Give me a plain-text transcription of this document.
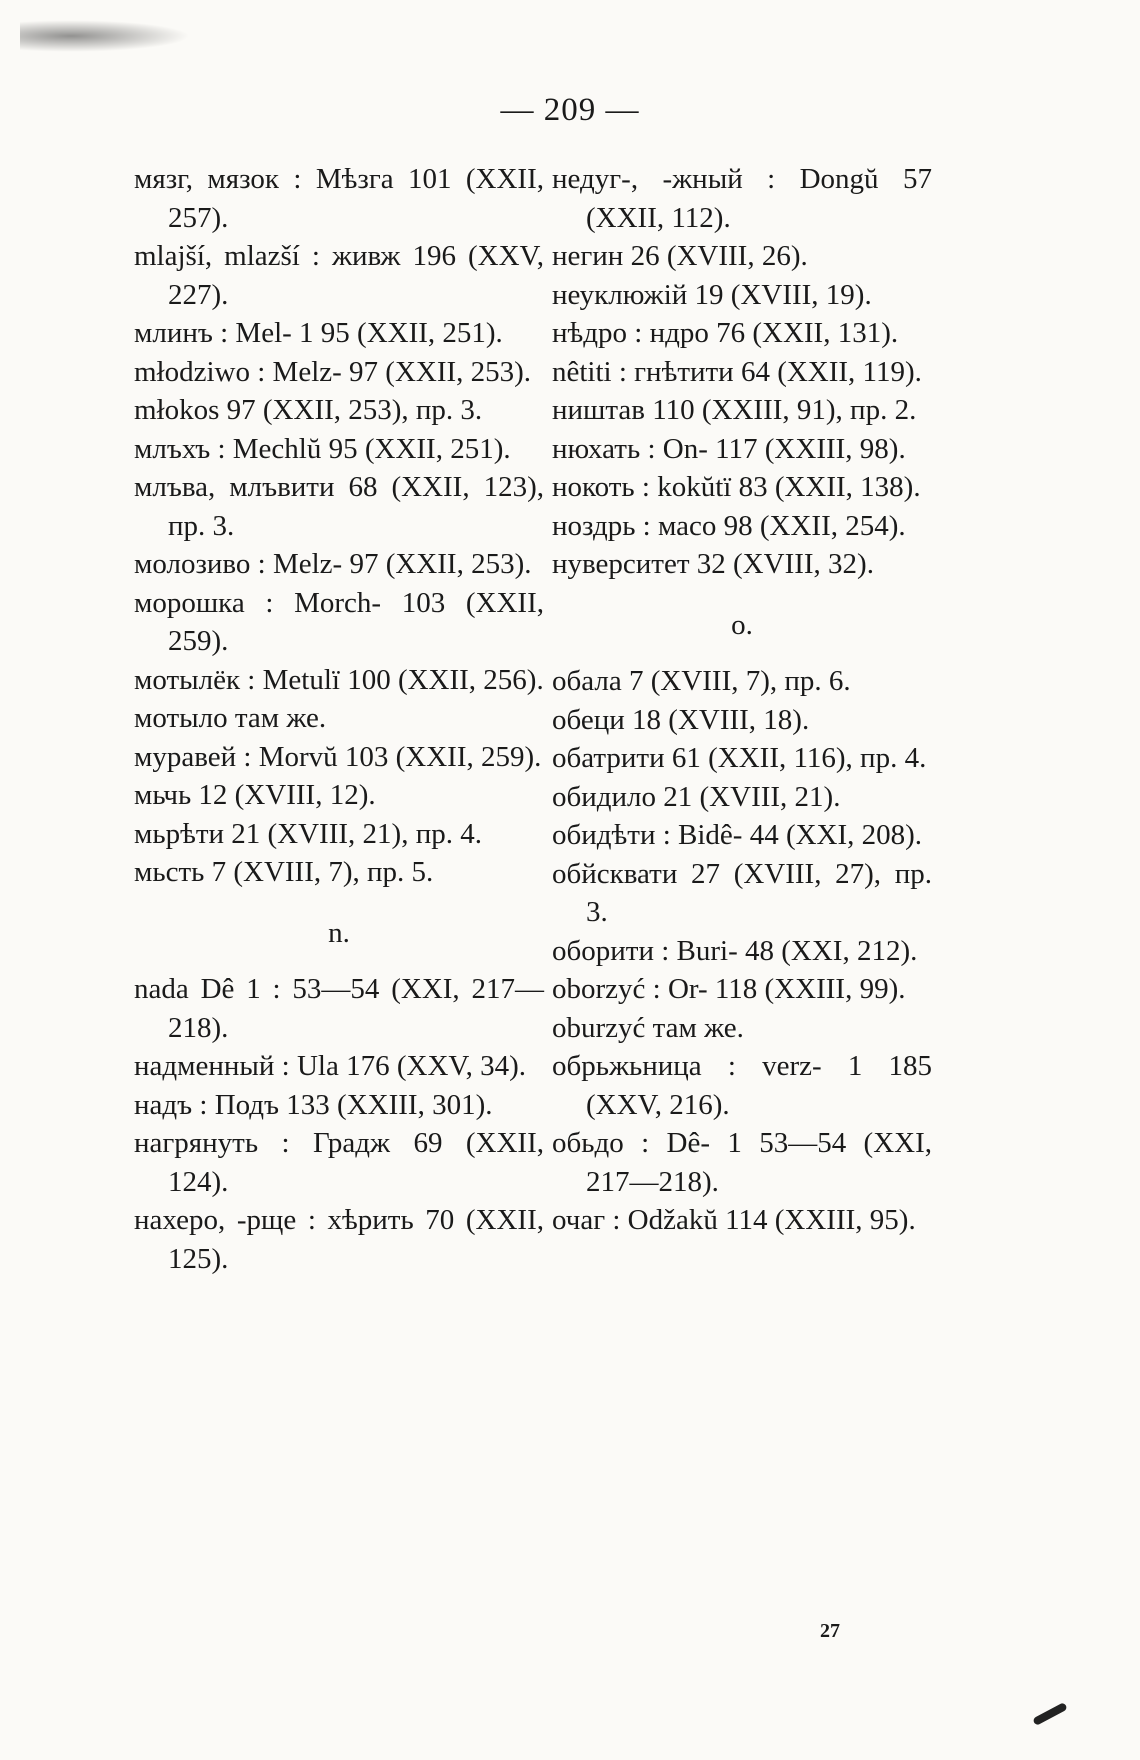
— 209 —
мязг, мязок : Мѣзга 101 (XXII, 257).
mlajší, mlazší : живж 196 (XXV, 227).
млинъ : Mel- 1 95 (XXII, 251).
młodziwo : Melz- 97 (XXII, 253).
młokos 97 (XXII, 253), пр. 3.
млъхъ : Mechlŭ 95 (XXII, 251).
млъва, млъвити 68 (XXII, 123), пр. 3.
молозиво : Melz- 97 (XXII, 253).
морошка : Morch- 103 (XXII, 259).
мотылёк : Metulї 100 (XXII, 256).
мотыло там же.
муравей : Morvŭ 103 (XXII, 259).
мьчь 12 (XVIII, 12).
мьрѣти 21 (XVIII, 21), пр. 4.
мьсть 7 (XVIII, 7), пр. 5.
n.
nada Dê 1 : 53—54 (XXI, 217—218).
надменный : Ula 176 (XXV, 34).
надъ : Подъ 133 (XXIII, 301).
нагрянуть : Градж 69 (XXII, 124).
нахеро, -рще : хѣрить 70 (XXII, 125).
недуг-, -жный : Dongŭ 57 (XXII, 112).
негин 26 (XVIII, 26).
неуклюжій 19 (XVIII, 19).
нѣдро : ндро 76 (XXII, 131).
nêtiti : гнѣтити 64 (XXII, 119).
ништав 110 (XXIII, 91), пр. 2.
нюхать : On- 117 (XXIII, 98).
нокоть : kokŭtї 83 (XXII, 138).
ноздрь : масо 98 (XXII, 254).
нуверситет 32 (XVIII, 32).
o.
обала 7 (XVIII, 7), пр. 6.
обеци 18 (XVIII, 18).
обатрити 61 (XXII, 116), пр. 4.
обидило 21 (XVIII, 21).
обидѣти : Bidê- 44 (XXI, 208).
обйсквати 27 (XVIII, 27), пр. 3.
оборити : Buri- 48 (XXI, 212).
oborzyć : Or- 118 (XXIII, 99).
oburzyć там же.
обрьжьница : verz- 1 185 (XXV, 216).
обьдо : Dê- 1 53—54 (XXI, 217—218).
очаг : Odžakŭ 114 (XXIII, 95).
27
